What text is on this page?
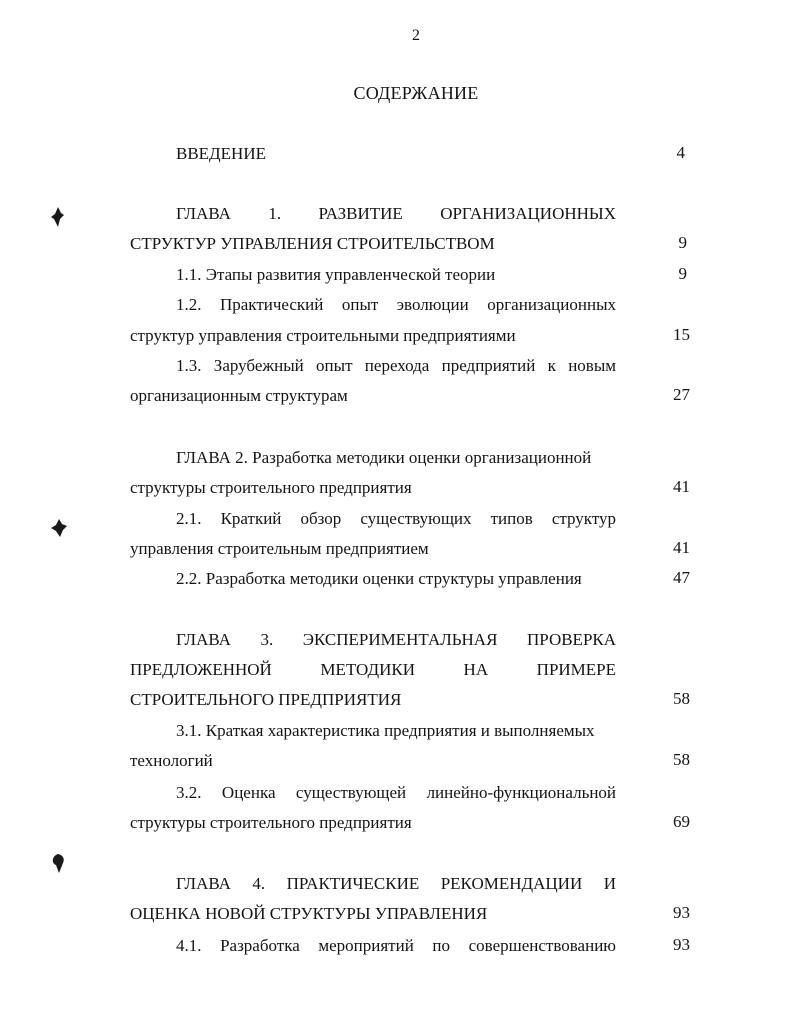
2
СОДЕРЖАНИЕ
ВВЕДЕНИЕ	4
ГЛАВА 1. РАЗВИТИЕ ОРГАНИЗАЦИОННЫХ
СТРУКТУР УПРАВЛЕНИЯ СТРОИТЕЛЬСТВОМ	9
1.1. Этапы развития управленческой теории	9
1.2. Практический опыт эволюции организационных
структур управления строительными предприятиями	15
1.3. Зарубежный опыт перехода предприятий к новым
организационным структурам	27
ГЛАВА 2. Разработка методики оценки организационной
структуры строительного предприятия	41
2.1. Краткий обзор существующих типов структур
управления строительным предприятием	41
2.2. Разработка методики оценки структуры управления	47
ГЛАВА 3. ЭКСПЕРИМЕНТАЛЬНАЯ ПРОВЕРКА
ПРЕДЛОЖЕННОЙ	МЕТОДИКИ	НА	ПРИМЕРЕ
СТРОИТЕЛЬНОГО ПРЕДПРИЯТИЯ	58
3.1. Краткая характеристика предприятия и выполняемых
технологий	58
3.2. Оценка существующей линейно-функциональной
структуры строительного предприятия	69
ГЛАВА 4. ПРАКТИЧЕСКИЕ РЕКОМЕНДАЦИИ И
ОЦЕНКА НОВОЙ СТРУКТУРЫ УПРАВЛЕНИЯ	93
4.1. Разработка мероприятий по совершенствованию	93
